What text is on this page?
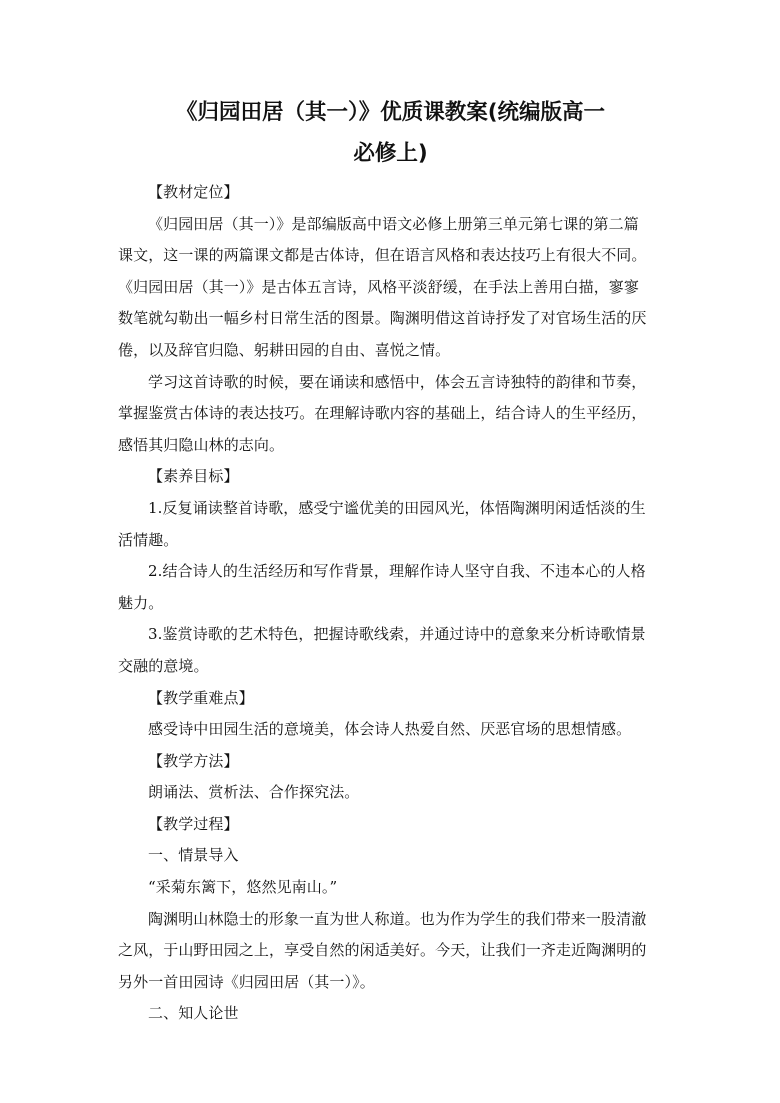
《归园田居（其一）》优质课教案(统编版高一
必修上)

【教材定位】

《归园田居（其一）》是部编版高中语文必修上册第三单元第七课的第二篇
课文，这一课的两篇课文都是古体诗，但在语言风格和表达技巧上有很大不同。
《归园田居（其一）》是古体五言诗，风格平淡舒缓，在手法上善用白描，寥寥
数笔就勾勒出一幅乡村日常生活的图景。陶渊明借这首诗抒发了对官场生活的厌
倦，以及辞官归隐、躬耕田园的自由、喜悦之情。

学习这首诗歌的时候，要在诵读和感悟中，体会五言诗独特的韵律和节奏，
掌握鉴赏古体诗的表达技巧。在理解诗歌内容的基础上，结合诗人的生平经历，
感悟其归隐山林的志向。

【素养目标】

1.反复诵读整首诗歌，感受宁谧优美的田园风光，体悟陶渊明闲适恬淡的生
活情趣。

2.结合诗人的生活经历和写作背景，理解作诗人坚守自我、不违本心的人格
魅力。

3.鉴赏诗歌的艺术特色，把握诗歌线索，并通过诗中的意象来分析诗歌情景
交融的意境。

【教学重难点】

感受诗中田园生活的意境美，体会诗人热爱自然、厌恶官场的思想情感。

【教学方法】

朗诵法、赏析法、合作探究法。

【教学过程】

一、情景导入

“采菊东篱下，悠然见南山。”

陶渊明山林隐士的形象一直为世人称道。也为作为学生的我们带来一股清澈
之风，于山野田园之上，享受自然的闲适美好。今天，让我们一齐走近陶渊明的
另外一首田园诗《归园田居（其一）》。

二、知人论世
